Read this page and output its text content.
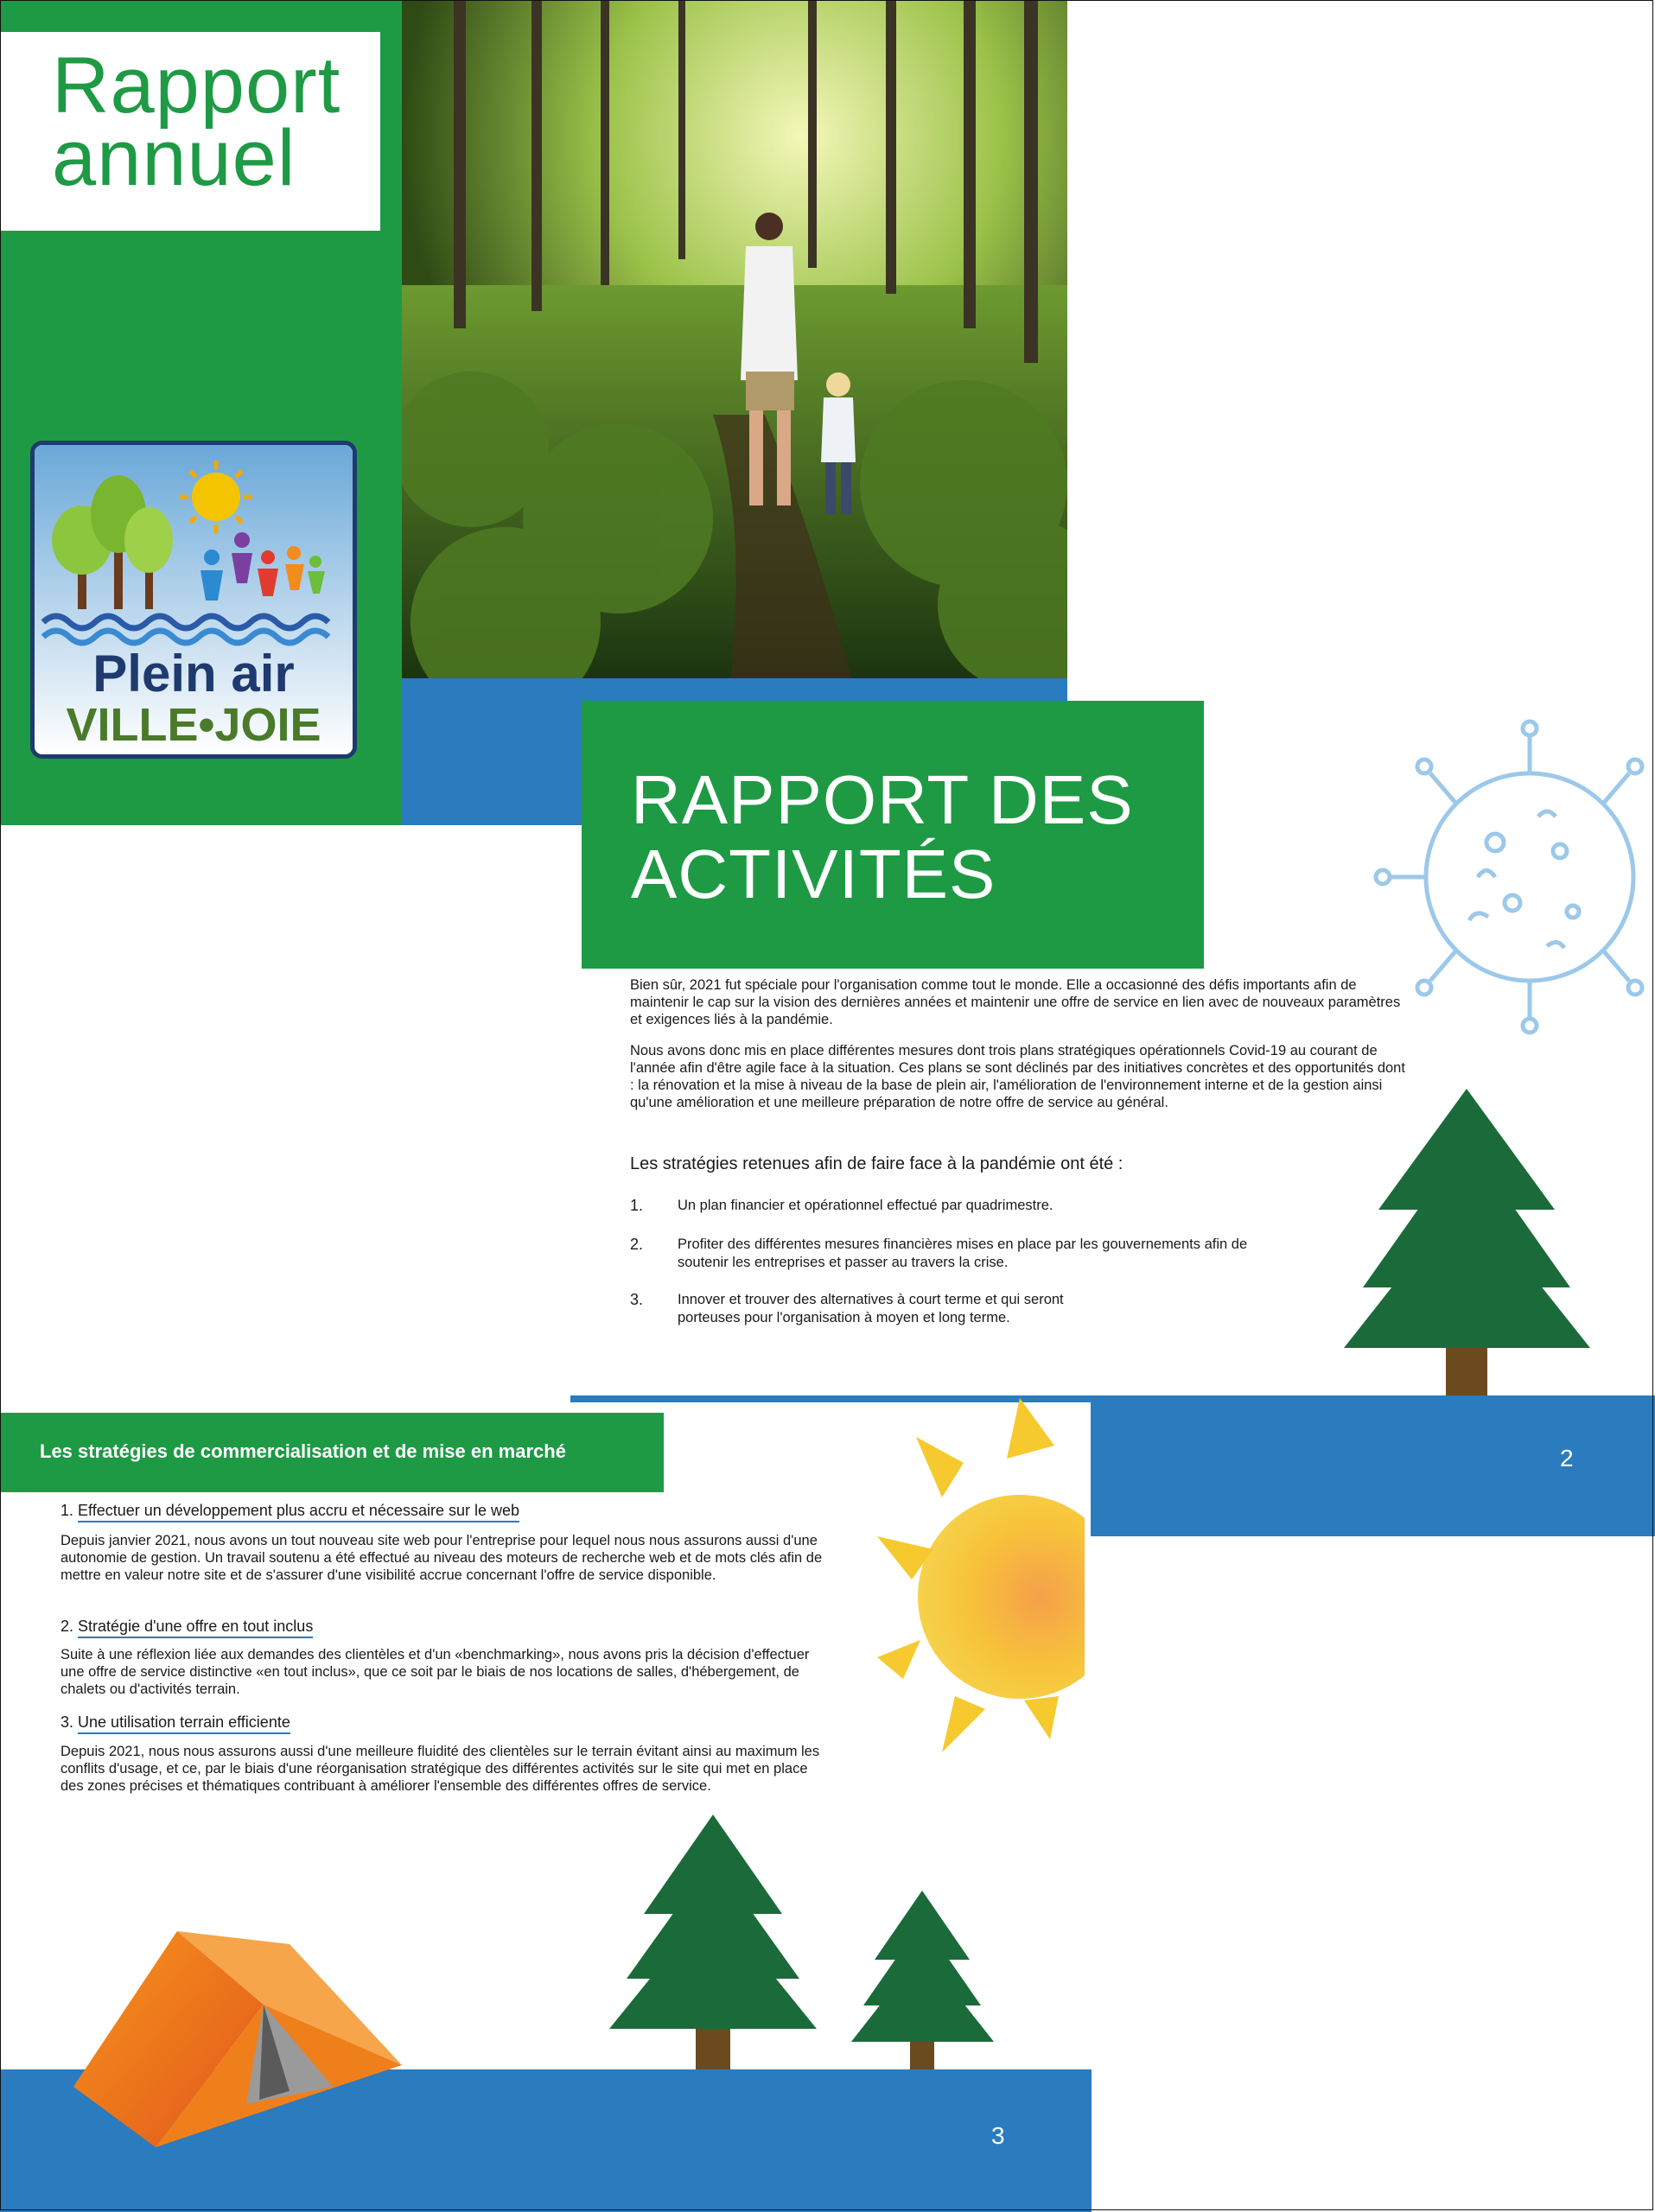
Rapport
annuel
Plein air
VILLE•JOIE
RAPPORT DES
ACTIVITÉS

Bien sûr, 2021 fut spéciale pour l'organisation comme tout le monde. Elle a occasionné des défis importants afin de maintenir le cap sur la vision des dernières années et maintenir une offre de service en lien avec de nouveaux paramètres et exigences liés à la pandémie.

Nous avons donc mis en place différentes mesures dont trois plans stratégiques opérationnels Covid-19 au courant de l'année afin d'être agile face à la situation. Ces plans se sont déclinés par des initiatives concrètes et des opportunités dont : la rénovation et la mise à niveau de la base de plein air, l'amélioration de l'environnement interne et de la gestion ainsi qu'une amélioration et une meilleure préparation de notre offre de service au général.

Les stratégies retenues afin de faire face à la pandémie ont été :
1.	Un plan financier et opérationnel effectué par quadrimestre.
2.	Profiter des différentes mesures financières mises en place par les gouvernements afin de soutenir les entreprises et passer au travers la crise.
3.	Innover et trouver des alternatives à court terme et qui seront porteuses pour l'organisation à moyen et long terme.
2
Les stratégies de commercialisation et de mise en marché
1. Effectuer un développement plus accru et nécessaire sur le web
Depuis janvier 2021, nous avons un tout nouveau site web pour l'entreprise pour lequel nous nous assurons aussi d'une autonomie de gestion. Un travail soutenu a été effectué au niveau des moteurs de recherche web et de mots clés afin de mettre en valeur notre site et de s'assurer d'une visibilité accrue concernant l'offre de service disponible.
2. Stratégie d'une offre en tout inclus
Suite à une réflexion liée aux demandes des clientèles et d'un «benchmarking», nous avons pris la décision d'effectuer une offre de service distinctive «en tout inclus», que ce soit par le biais de nos locations de salles, d'hébergement, de chalets ou d'activités terrain.
3. Une utilisation terrain efficiente
Depuis 2021, nous nous assurons aussi d'une meilleure fluidité des clientèles sur le terrain évitant ainsi au maximum les conflits d'usage, et ce, par le biais d'une réorganisation stratégique des différentes activités sur le site qui met en place des zones précises et thématiques contribuant à améliorer l'ensemble des différentes offres de service.
3
